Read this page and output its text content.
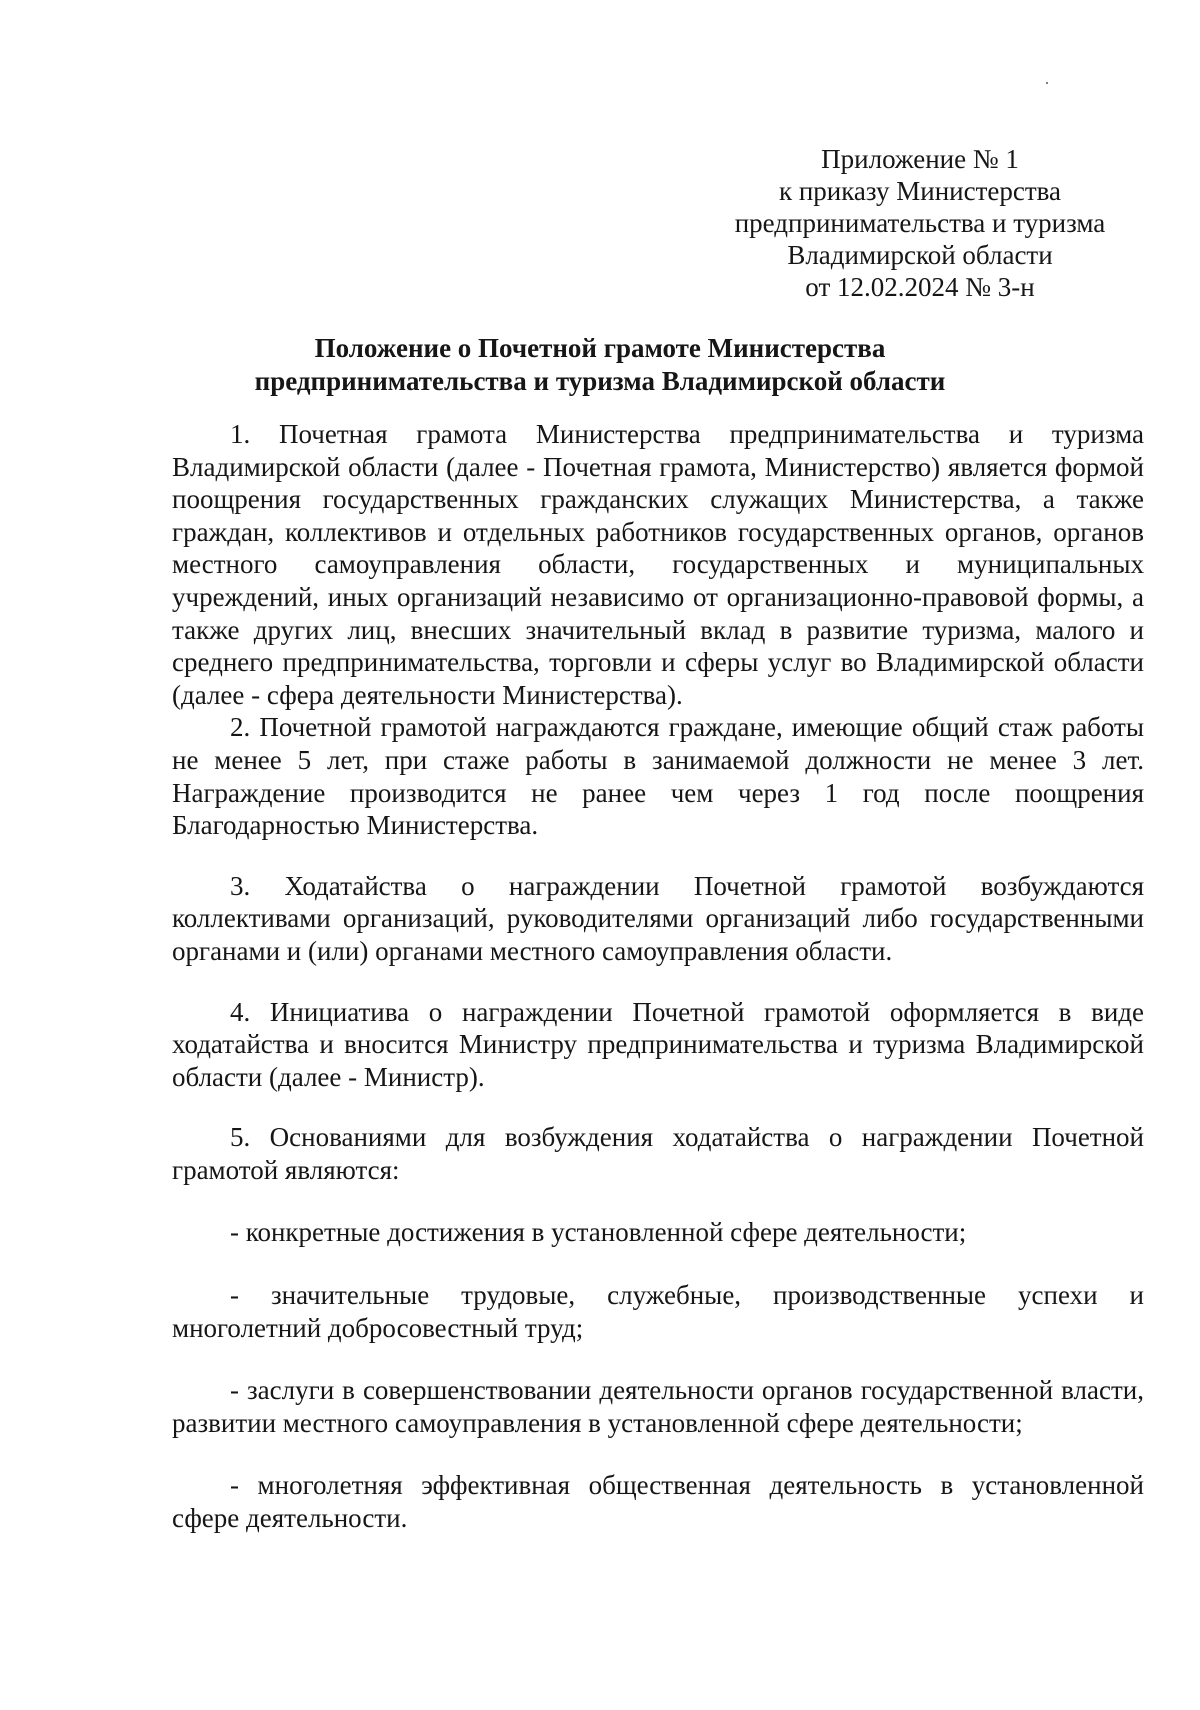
Приложение № 1
к приказу Министерства
предпринимательства и туризма
Владимирской области
от 12.02.2024 № 3-н
Положение о Почетной грамоте Министерства
предпринимательства и туризма Владимирской области

1. Почетная грамота Министерства предпринимательства и туризма Владимирской области (далее - Почетная грамота, Министерство) является формой поощрения государственных гражданских служащих Министерства, а также граждан, коллективов и отдельных работников государственных органов, органов местного самоуправления области, государственных и муниципальных учреждений, иных организаций независимо от организационно-правовой формы, а также других лиц, внесших значительный вклад в развитие туризма, малого и среднего предпринимательства, торговли и сферы услуг во Владимирской области (далее - сфера деятельности Министерства).

2. Почетной грамотой награждаются граждане, имеющие общий стаж работы не менее 5 лет, при стаже работы в занимаемой должности не менее 3 лет. Награждение производится не ранее чем через 1 год после поощрения Благодарностью Министерства.

3. Ходатайства о награждении Почетной грамотой возбуждаются коллективами организаций, руководителями организаций либо государственными органами и (или) органами местного самоуправления области.

4. Инициатива о награждении Почетной грамотой оформляется в виде ходатайства и вносится Министру предпринимательства и туризма Владимирской области (далее - Министр).

5. Основаниями для возбуждения ходатайства о награждении Почетной грамотой являются:

- конкретные достижения в установленной сфере деятельности;

- значительные трудовые, служебные, производственные успехи и многолетний добросовестный труд;

- заслуги в совершенствовании деятельности органов государственной власти, развитии местного самоуправления в установленной сфере деятельности;

- многолетняя эффективная общественная деятельность в установленной сфере деятельности.
